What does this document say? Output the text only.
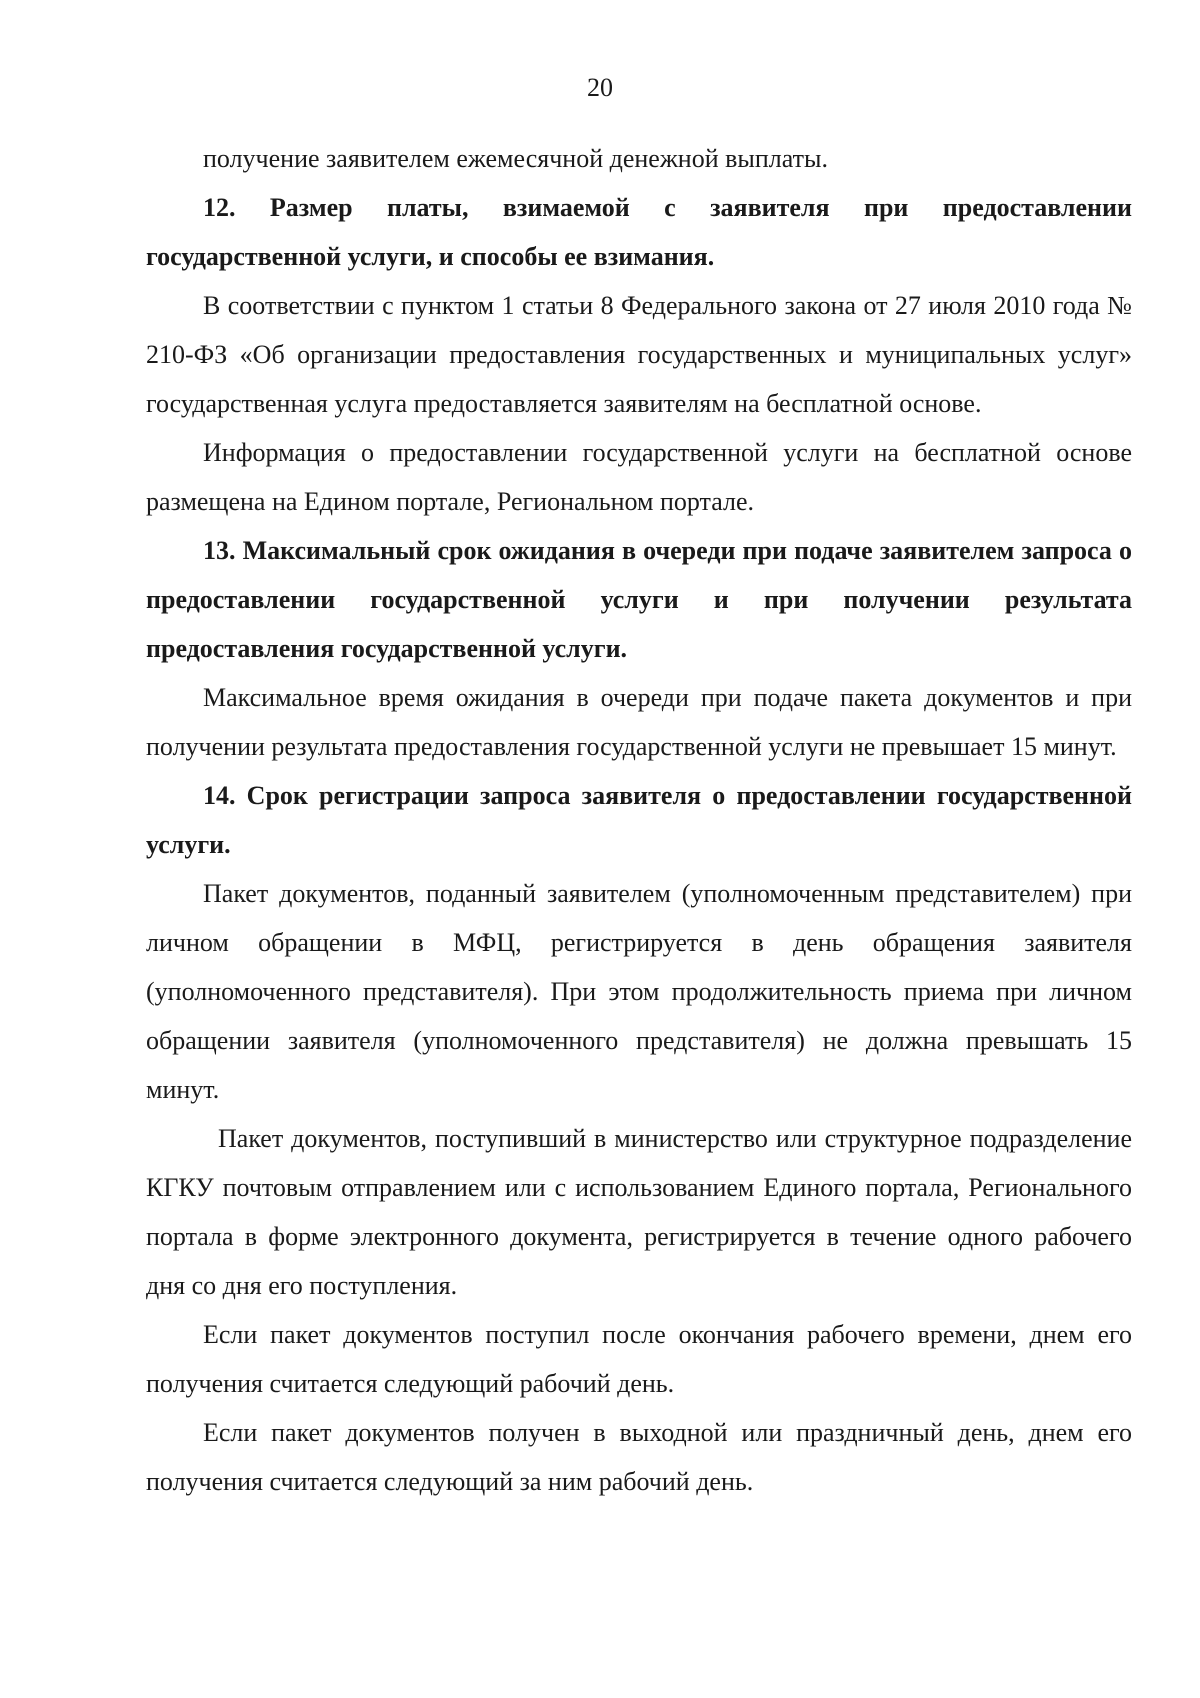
20

получение заявителем ежемесячной денежной выплаты.

12. Размер платы, взимаемой с заявителя при предоставлении государственной услуги, и способы ее взимания.

В соответствии с пунктом 1 статьи 8 Федерального закона от 27 июля 2010 года № 210-ФЗ «Об организации предоставления государственных и муниципальных услуг» государственная услуга предоставляется заявителям на бесплатной основе.

Информация о предоставлении государственной услуги на бесплатной основе размещена на Едином портале, Региональном портале.

13. Максимальный срок ожидания в очереди при подаче заявителем запроса о предоставлении государственной услуги и при получении результата предоставления государственной услуги.

Максимальное время ожидания в очереди при подаче пакета документов и при получении результата предоставления государственной услуги не превышает 15 минут.

14. Срок регистрации запроса заявителя о предоставлении государственной услуги.

Пакет документов, поданный заявителем (уполномоченным представителем) при личном обращении в МФЦ, регистрируется в день обращения заявителя (уполномоченного представителя). При этом продолжительность приема при личном обращении заявителя (уполномоченного представителя) не должна превышать 15 минут.

Пакет документов, поступивший в министерство или структурное подразделение КГКУ почтовым отправлением или с использованием Единого портала, Регионального портала в форме электронного документа, регистрируется в течение одного рабочего дня со дня его поступления.

Если пакет документов поступил после окончания рабочего времени, днем его получения считается следующий рабочий день.

Если пакет документов получен в выходной или праздничный день, днем его получения считается следующий за ним рабочий день.
